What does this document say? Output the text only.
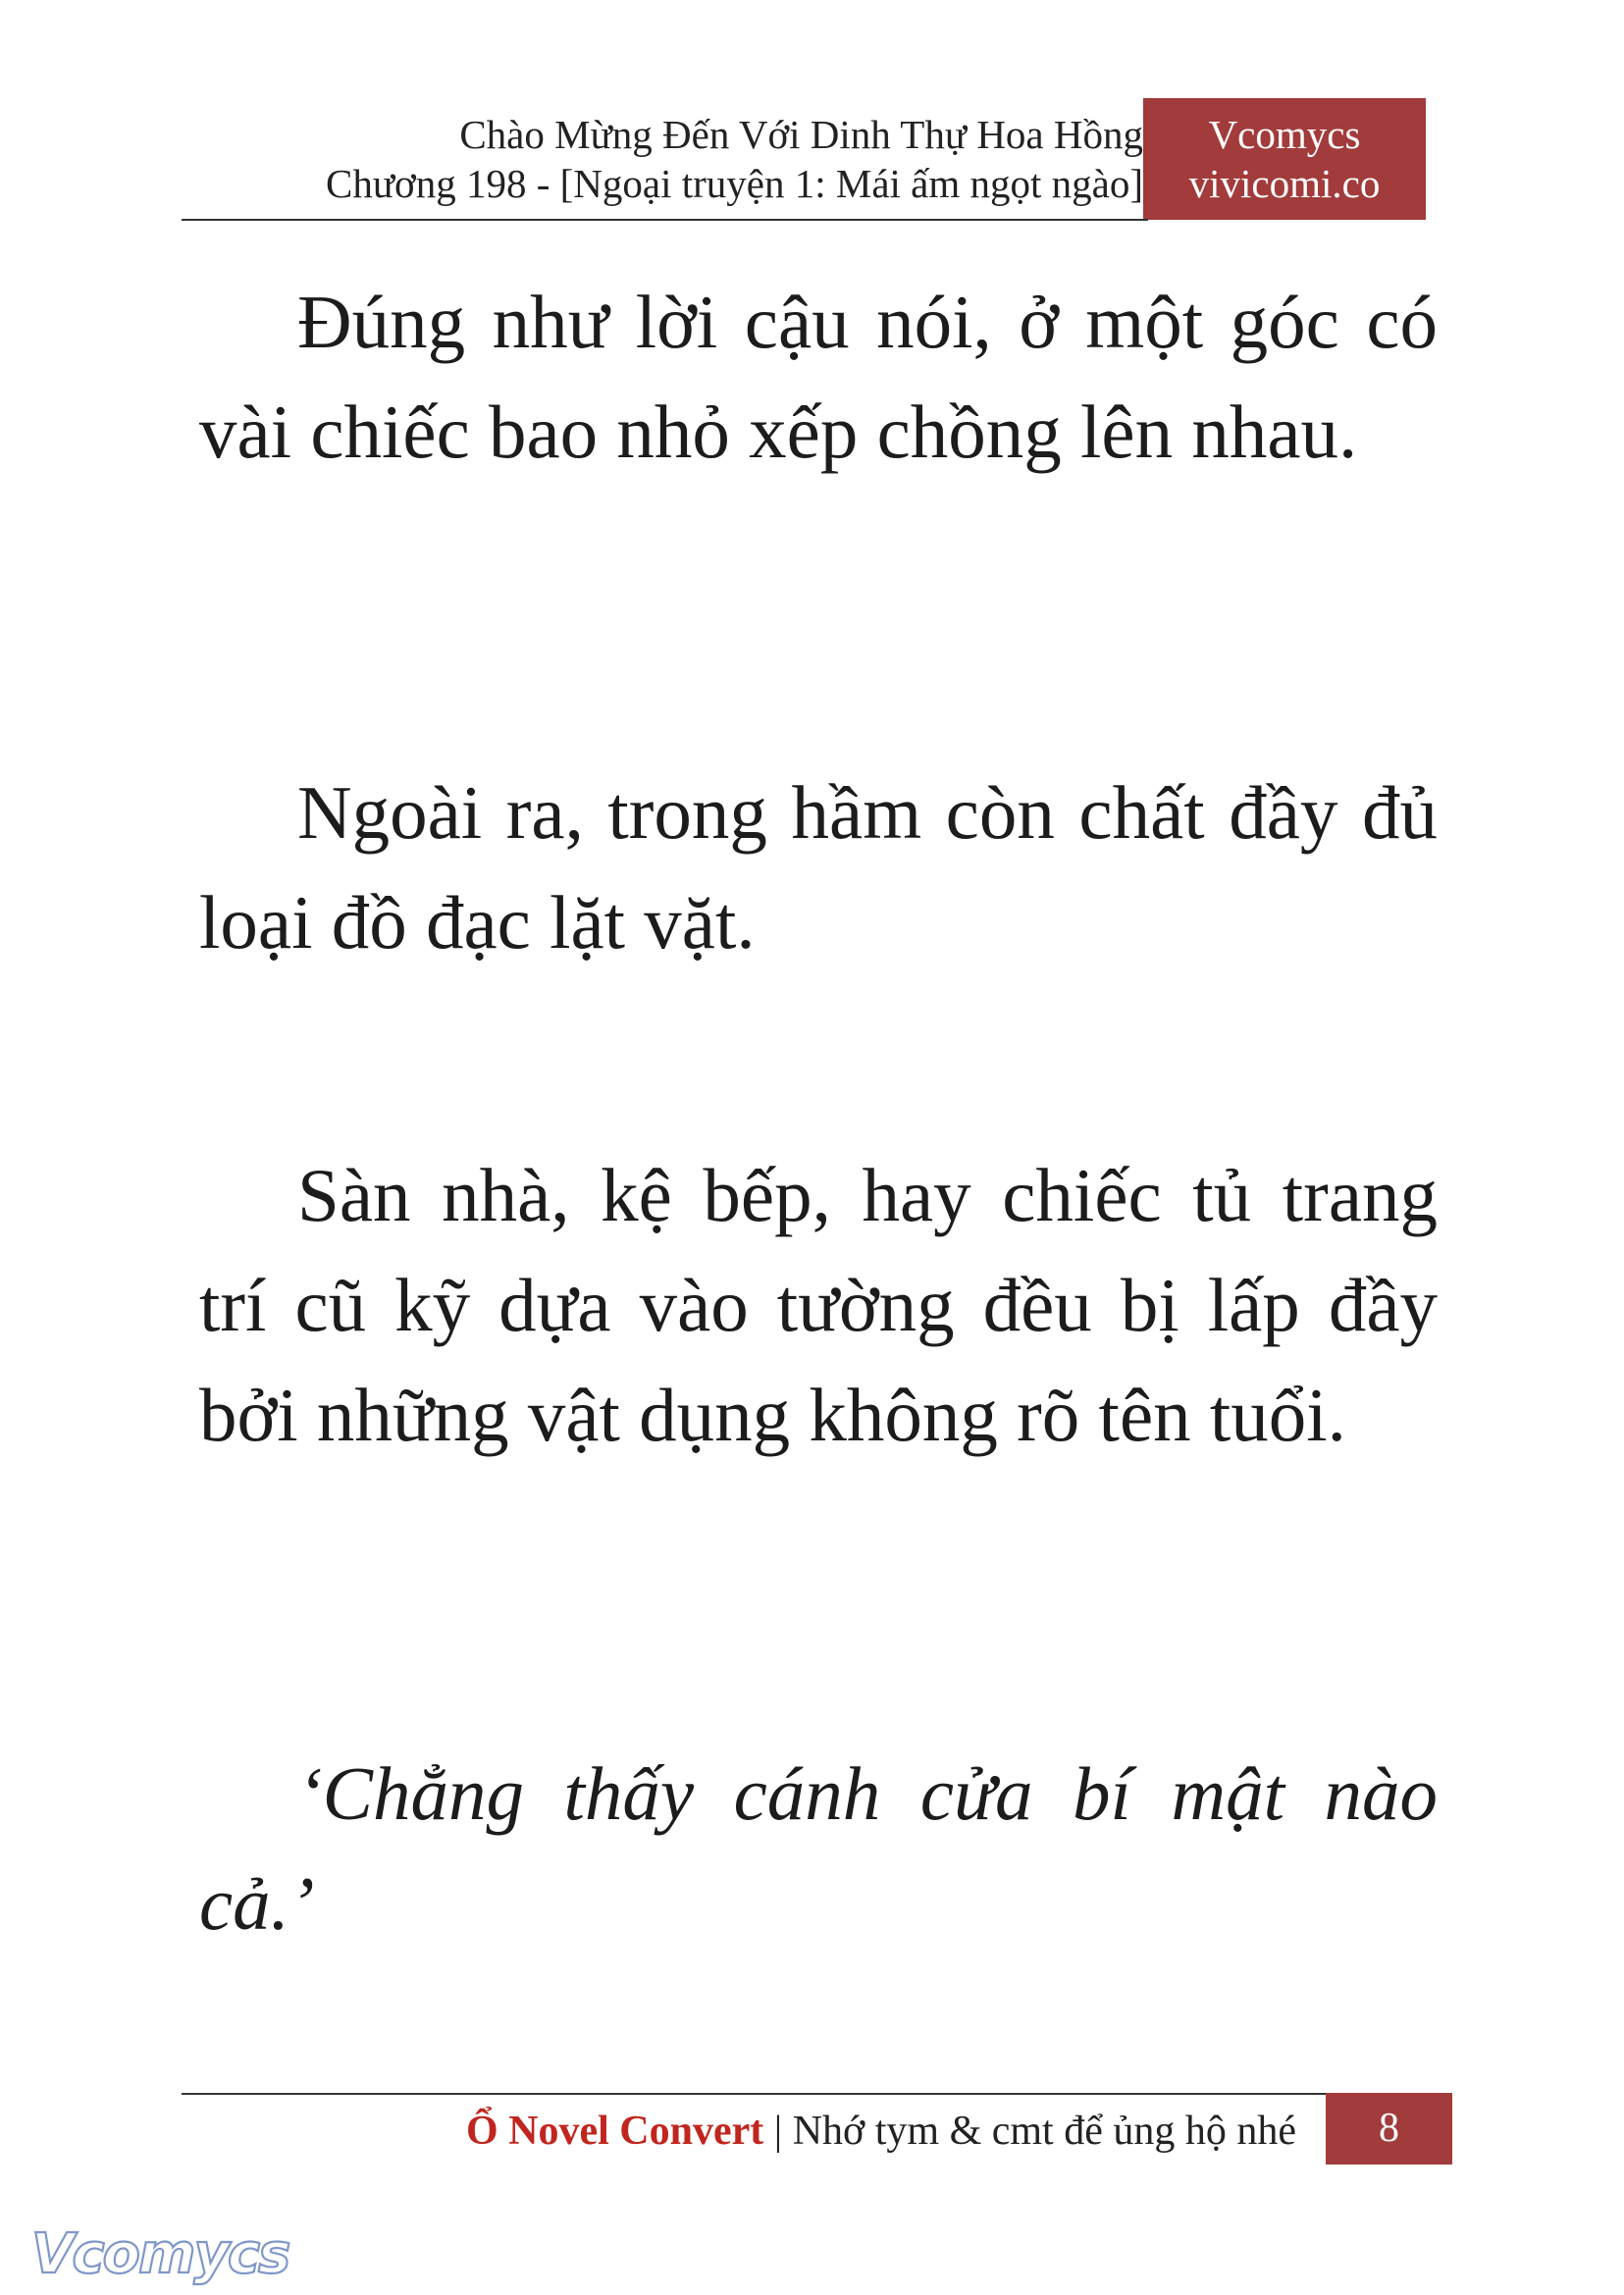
Chào Mừng Đến Với Dinh Thự Hoa Hồng
Chương 198 - [Ngoại truyện 1: Mái ấm ngọt ngào]
Vcomycs
vivicomi.co

Đúng như lời cậu nói, ở một góc có vài chiếc bao nhỏ xếp chồng lên nhau.

Ngoài ra, trong hầm còn chất đầy đủ loại đồ đạc lặt vặt.

Sàn nhà, kệ bếp, hay chiếc tủ trang trí cũ kỹ dựa vào tường đều bị lấp đầy bởi những vật dụng không rõ tên tuổi.

‘Chẳng thấy cánh cửa bí mật nào cả.’

Ổ Novel Convert | Nhớ tym & cmt để ủng hộ nhé	8
Vcomycs
